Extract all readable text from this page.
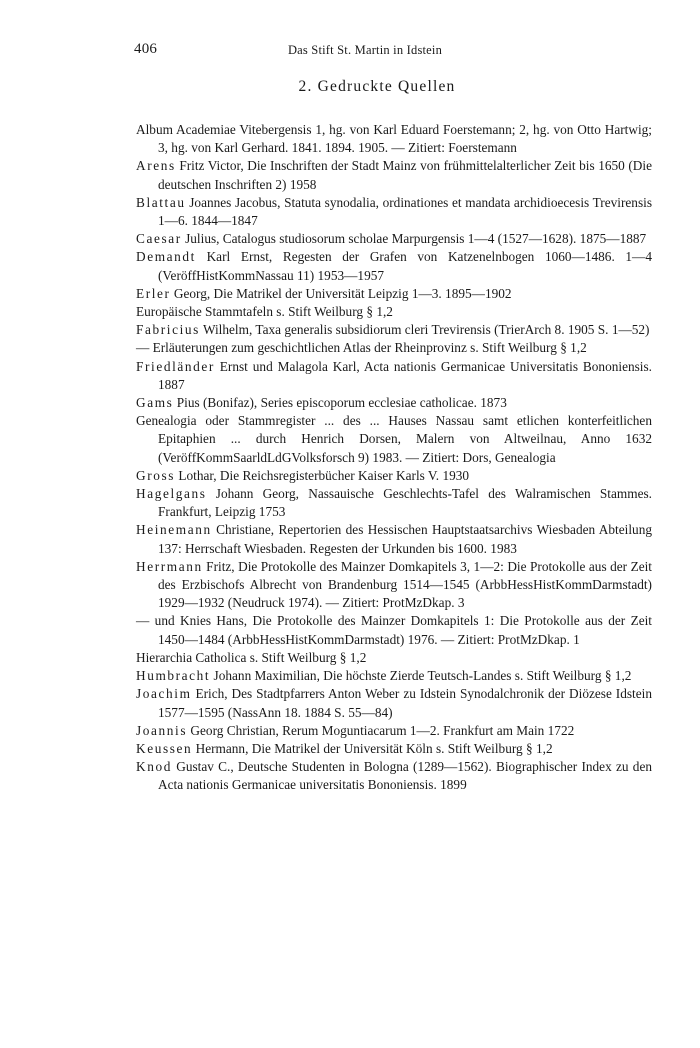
406	Das Stift St. Martin in Idstein
2. Gedruckte Quellen
Album Academiae Vitebergensis 1, hg. von Karl Eduard Foerstemann; 2, hg. von Otto Hartwig; 3, hg. von Karl Gerhard. 1841. 1894. 1905. — Zitiert: Foerstemann
Arens Fritz Victor, Die Inschriften der Stadt Mainz von frühmittelalterlicher Zeit bis 1650 (Die deutschen Inschriften 2) 1958
Blattau Joannes Jacobus, Statuta synodalia, ordinationes et mandata archidioecesis Trevirensis 1—6. 1844—1847
Caesar Julius, Catalogus studiosorum scholae Marpurgensis 1—4 (1527—1628). 1875—1887
Demandt Karl Ernst, Regesten der Grafen von Katzenelnbogen 1060—1486. 1—4 (VeröffHistKommNassau 11) 1953—1957
Erler Georg, Die Matrikel der Universität Leipzig 1—3. 1895—1902
Europäische Stammtafeln s. Stift Weilburg § 1,2
Fabricius Wilhelm, Taxa generalis subsidiorum cleri Trevirensis (TrierArch 8. 1905 S. 1—52)
— Erläuterungen zum geschichtlichen Atlas der Rheinprovinz s. Stift Weilburg § 1,2
Friedländer Ernst und Malagola Karl, Acta nationis Germanicae Universitatis Bononiensis. 1887
Gams Pius (Bonifaz), Series episcoporum ecclesiae catholicae. 1873
Genealogia oder Stammregister ... des ... Hauses Nassau samt etlichen konterfeitlichen Epitaphien ... durch Henrich Dorsen, Malern von Altweilnau, Anno 1632 (VeröffKommSaarldLdGVolksforsch 9) 1983. — Zitiert: Dors, Genealogia
Gross Lothar, Die Reichsregisterbücher Kaiser Karls V. 1930
Hagelgans Johann Georg, Nassauische Geschlechts-Tafel des Walramischen Stammes. Frankfurt, Leipzig 1753
Heinemann Christiane, Repertorien des Hessischen Hauptstaatsarchivs Wiesbaden Abteilung 137: Herrschaft Wiesbaden. Regesten der Urkunden bis 1600. 1983
Herrmann Fritz, Die Protokolle des Mainzer Domkapitels 3, 1—2: Die Protokolle aus der Zeit des Erzbischofs Albrecht von Brandenburg 1514—1545 (ArbbHessHistKommDarmstadt) 1929—1932 (Neudruck 1974). — Zitiert: ProtMzDkap. 3
— und Knies Hans, Die Protokolle des Mainzer Domkapitels 1: Die Protokolle aus der Zeit 1450—1484 (ArbbHessHistKommDarmstadt) 1976. — Zitiert: ProtMzDkap. 1
Hierarchia Catholica s. Stift Weilburg § 1,2
Humbracht Johann Maximilian, Die höchste Zierde Teutsch-Landes s. Stift Weilburg § 1,2
Joachim Erich, Des Stadtpfarrers Anton Weber zu Idstein Synodalchronik der Diözese Idstein 1577—1595 (NassAnn 18. 1884 S. 55—84)
Joannis Georg Christian, Rerum Moguntiacarum 1—2. Frankfurt am Main 1722
Keussen Hermann, Die Matrikel der Universität Köln s. Stift Weilburg § 1,2
Knod Gustav C., Deutsche Studenten in Bologna (1289—1562). Biographischer Index zu den Acta nationis Germanicae universitatis Bononiensis. 1899
